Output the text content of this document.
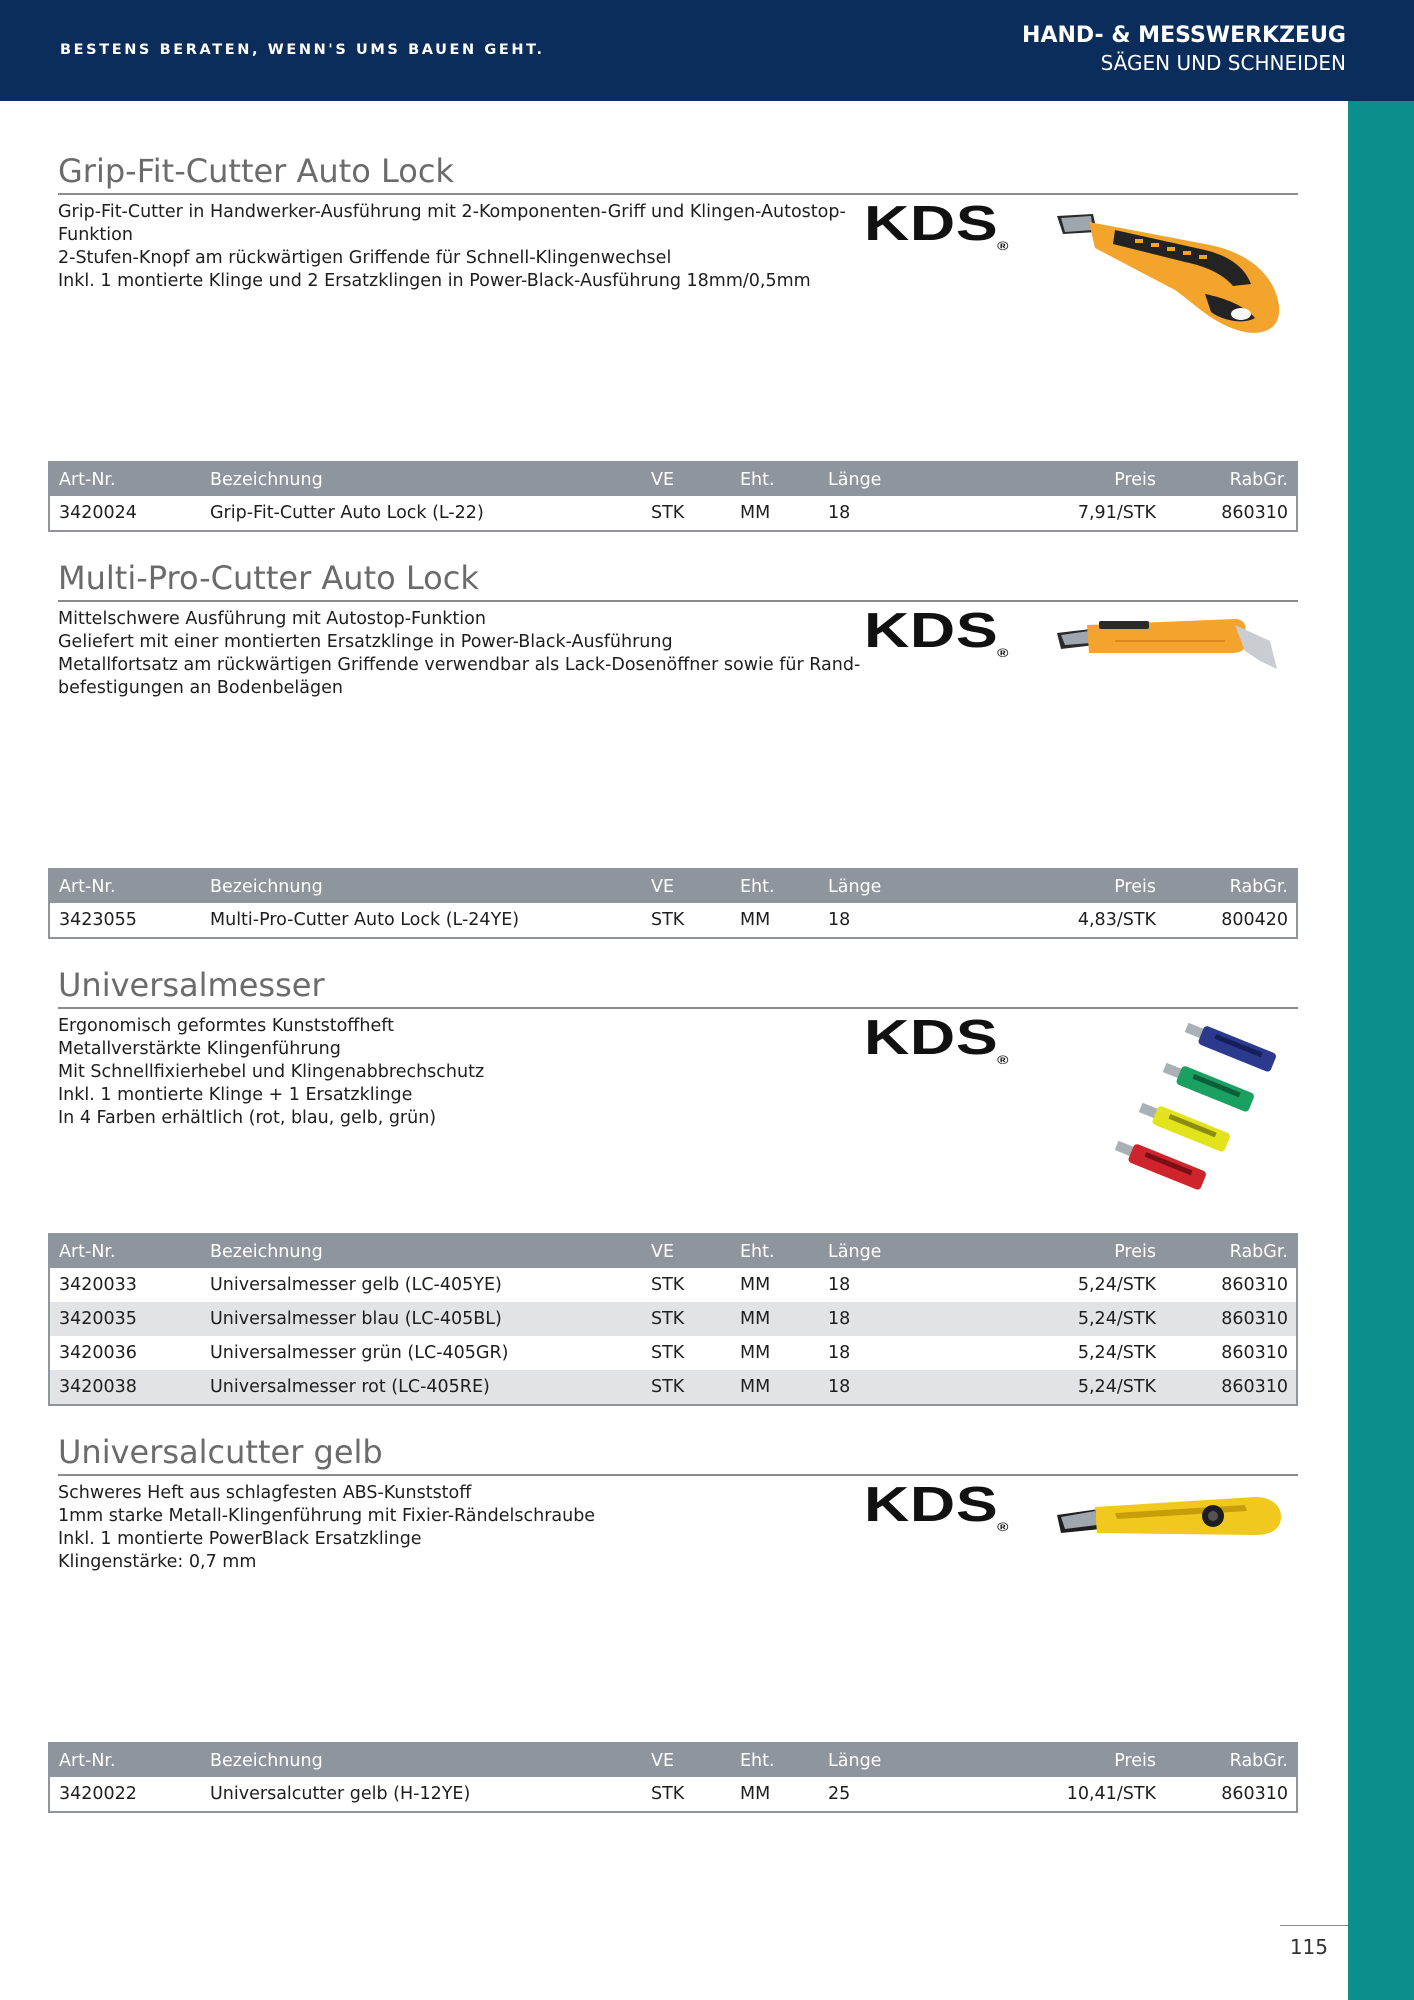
BESTENS BERATEN, WENN'S UMS BAUEN GEHT.
HAND- & MESSWERKZEUG
SÄGEN UND SCHNEIDEN
Grip-Fit-Cutter Auto Lock
Grip-Fit-Cutter in Handwerker-Ausführung mit 2-Komponenten-Griff und Klingen-Autostop-
Funktion
2-Stufen-Knopf am rückwärtigen Griffende für Schnell-Klingenwechsel
Inkl. 1 montierte Klinge und 2 Ersatzklingen in Power-Black-Ausführung 18mm/0,5mm
KDS®
Art-Nr.	Bezeichnung	VE	Eht.	Länge	Preis	RabGr.
3420024	Grip-Fit-Cutter Auto Lock (L-22)	STK	MM	18	7,91/STK	860310
Multi-Pro-Cutter Auto Lock
Mittelschwere Ausführung mit Autostop-Funktion
Geliefert mit einer montierten Ersatzklinge in Power-Black-Ausführung
Metallfortsatz am rückwärtigen Griffende verwendbar als Lack-Dosenöffner sowie für Rand-
befestigungen an Bodenbelägen
KDS®
Art-Nr.	Bezeichnung	VE	Eht.	Länge	Preis	RabGr.
3423055	Multi-Pro-Cutter Auto Lock (L-24YE)	STK	MM	18	4,83/STK	800420
Universalmesser
Ergonomisch geformtes Kunststoffheft
Metallverstärkte Klingenführung
Mit Schnellfixierhebel und Klingenabbrechschutz
Inkl. 1 montierte Klinge + 1 Ersatzklinge
In 4 Farben erhältlich (rot, blau, gelb, grün)
KDS®
Art-Nr.	Bezeichnung	VE	Eht.	Länge	Preis	RabGr.
3420033	Universalmesser gelb (LC-405YE)	STK	MM	18	5,24/STK	860310
3420035	Universalmesser blau (LC-405BL)	STK	MM	18	5,24/STK	860310
3420036	Universalmesser grün (LC-405GR)	STK	MM	18	5,24/STK	860310
3420038	Universalmesser rot (LC-405RE)	STK	MM	18	5,24/STK	860310
Universalcutter gelb
Schweres Heft aus schlagfesten ABS-Kunststoff
1mm starke Metall-Klingenführung mit Fixier-Rändelschraube
Inkl. 1 montierte PowerBlack Ersatzklinge
Klingenstärke: 0,7 mm
KDS®
Art-Nr.	Bezeichnung	VE	Eht.	Länge	Preis	RabGr.
3420022	Universalcutter gelb (H-12YE)	STK	MM	25	10,41/STK	860310
115
